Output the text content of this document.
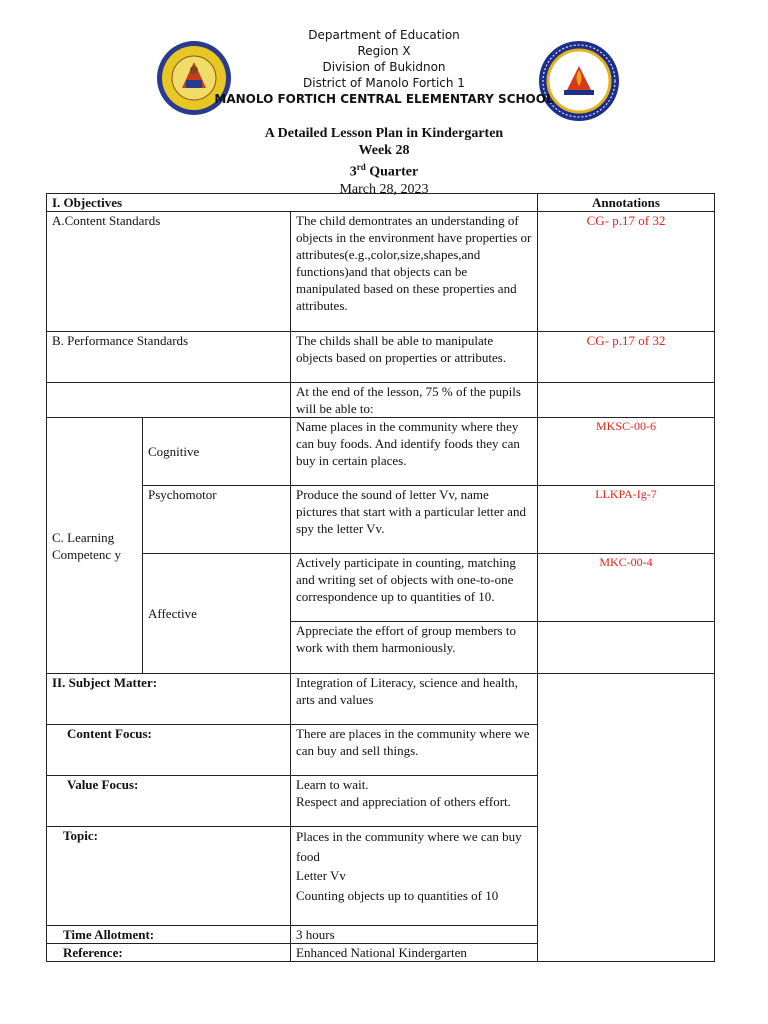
Department of Education
Region X
Division of Bukidnon
District of Manolo Fortich 1
MANOLO FORTICH CENTRAL ELEMENTARY SCHOOL
A Detailed Lesson Plan in Kindergarten
Week 28
3rd Quarter
March 28, 2023
I. Objectives			Annotations
A.Content Standards		The child demontrates an understanding of objects in the environment have properties or attributes(e.g.,color,size,shapes,and functions)and that objects can be manipulated based on these properties and attributes.	CG- p.17 of 32
B. Performance Standards		The childs shall be able to manipulate objects based on properties or attributes.	CG- p.17 of 32
		At the end of the lesson, 75 % of the pupils will be able to:	
C. Learning Competenc y	Cognitive	Name places in the community where they can buy foods. And identify foods they can buy in certain places.	MKSC-00-6
	Psychomotor	Produce the sound of letter Vv, name pictures that start with a particular letter and spy the letter Vv.	LLKPA-Ig-7
	Affective	Actively participate in counting, matching and writing set of objects with one-to-one correspondence up to quantities of 10.	MKC-00-4
		Appreciate the effort of group members to work with them harmoniously.	
II. Subject Matter:		Integration of Literacy, science and health, arts and values	
Content Focus:		There are places in the community where we can buy and sell things.	
Value Focus:		Learn to wait.
Respect and appreciation of others effort.	

Topic:		Places in the community where we can buy food
Letter Vv
Counting objects up to quantities of 10	

Time Allotment:		3 hours	
Reference:		Enhanced National Kindergarten	
